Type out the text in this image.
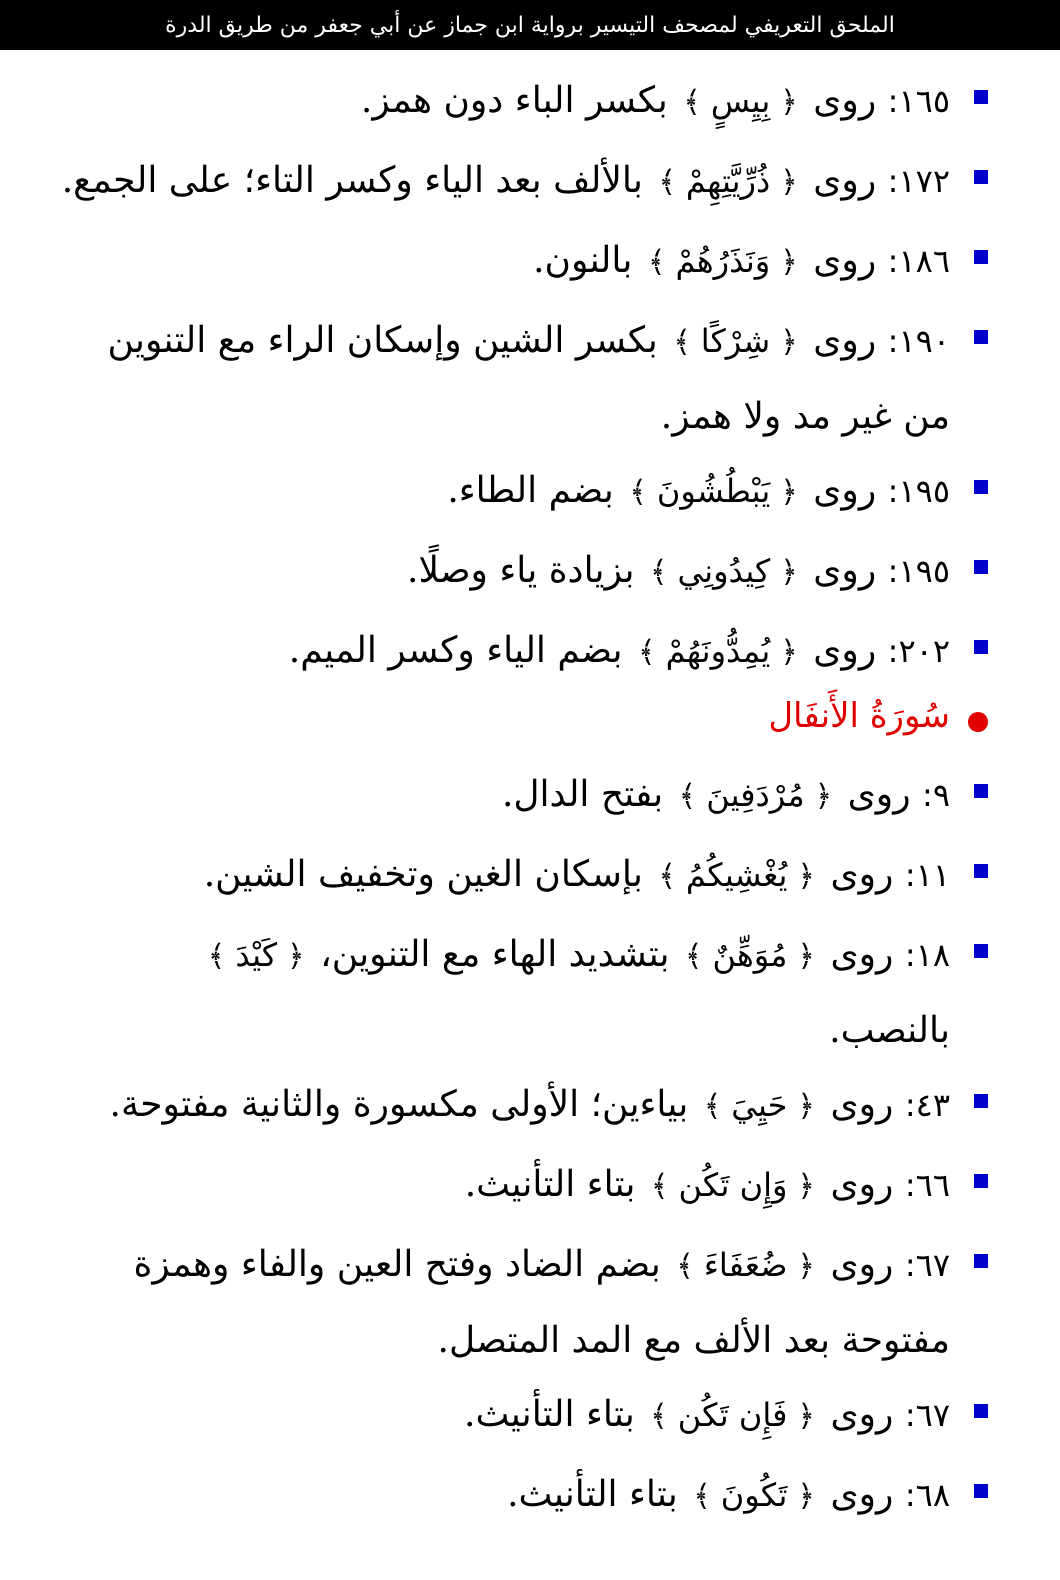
الملحق التعريفي لمصحف التيسير برواية ابن جماز عن أبي جعفر من طريق الدرة
١٦٥: روى ﴿بِيِسٍ﴾ بكسر الباء دون همز.
١٧٢: روى ﴿ذُرِّيَّتِهِمْ﴾ بالألف بعد الياء وكسر التاء؛ على الجمع.
١٨٦: روى ﴿وَنَذَرُهُمْ﴾ بالنون.
١٩٠: روى ﴿شِرْكًا﴾ بكسر الشين وإسكان الراء مع التنوين
من غير مد ولا همز.
١٩٥: روى ﴿يَبْطُشُونَ﴾ بضم الطاء.
١٩٥: روى ﴿كِيدُونِي﴾ بزيادة ياء وصلًا.
٢٠٢: روى ﴿يُمِدُّونَهُمْ﴾ بضم الياء وكسر الميم.
سُورَةُ الأَنفَال
٩: روى ﴿مُرْدَفِينَ﴾ بفتح الدال.
١١: روى ﴿يُغْشِيكُمُ﴾ بإسكان الغين وتخفيف الشين.
١٨: روى ﴿مُوَهِّنٌ﴾ بتشديد الهاء مع التنوين، ﴿كَيْدَ﴾
بالنصب.
٤٣: روى ﴿حَيِيَ﴾ بياءين؛ الأولى مكسورة والثانية مفتوحة.
٦٦: روى ﴿وَإِن تَكُن﴾ بتاء التأنيث.
٦٧: روى ﴿ضُعَفَاءَ﴾ بضم الضاد وفتح العين والفاء وهمزة
مفتوحة بعد الألف مع المد المتصل.
٦٧: روى ﴿فَإِن تَكُن﴾ بتاء التأنيث.
٦٨: روى ﴿تَكُونَ﴾ بتاء التأنيث.
